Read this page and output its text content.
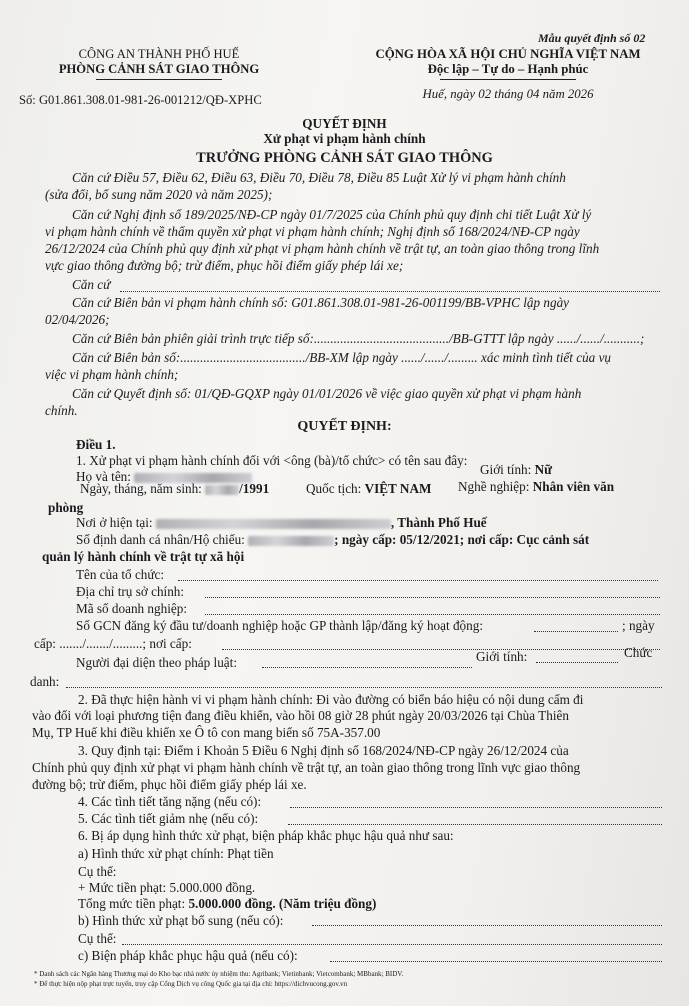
Mẫu quyết định số 02
CÔNG AN THÀNH PHỐ HUẾ
PHÒNG CẢNH SÁT GIAO THÔNG
Số: G01.861.308.01-981-26-001212/QĐ-XPHC
CỘNG HÒA XÃ HỘI CHỦ NGHĨA VIỆT NAM
Độc lập – Tự do – Hạnh phúc
Huế, ngày 02 tháng 04 năm 2026
QUYẾT ĐỊNH
Xử phạt vi phạm hành chính
TRƯỞNG PHÒNG CẢNH SÁT GIAO THÔNG
Căn cứ Điều 57, Điều 62, Điều 63, Điều 70, Điều 78, Điều 85 Luật Xử lý vi phạm hành chính
(sửa đổi, bổ sung năm 2020 và năm 2025);
Căn cứ Nghị định số 189/2025/NĐ-CP ngày 01/7/2025 của Chính phủ quy định chi tiết Luật Xử lý
vi phạm hành chính về thẩm quyền xử phạt vi phạm hành chính; Nghị định số 168/2024/NĐ-CP ngày
26/12/2024 của Chính phủ quy định xử phạt vi phạm hành chính về trật tự, an toàn giao thông trong lĩnh
vực giao thông đường bộ; trừ điểm, phục hồi điểm giấy phép lái xe;
Căn cứ
Căn cứ Biên bản vi phạm hành chính số: G01.861.308.01-981-26-001199/BB-VPHC lập ngày
02/04/2026;
Căn cứ Biên bản phiên giải trình trực tiếp số:........................................./BB-GTTT lập ngày ....../....../...........;
Căn cứ Biên bản số:....................................../BB-XM lập ngày ....../....../......... xác minh tình tiết của vụ
việc vi phạm hành chính;
Căn cứ Quyết định số: 01/QĐ-GQXP ngày 01/01/2026 về việc giao quyền xử phạt vi phạm hành
chính.
QUYẾT ĐỊNH:
Điều 1.
1. Xử phạt vi phạm hành chính đối với <ông (bà)/tổ chức> có tên sau đây:
Họ và tên:	Giới tính: Nữ
Ngày, tháng, năm sinh:	/1991	Quốc tịch: VIỆT NAM Nghề nghiệp: Nhân viên văn
phòng
Nơi ở hiện tại:	, Thành Phố Huế
Số định danh cá nhân/Hộ chiếu:	; ngày cấp: 05/12/2021; nơi cấp: Cục cảnh sát
quản lý hành chính về trật tự xã hội
Tên của tổ chức:
Địa chỉ trụ sở chính:
Mã số doanh nghiệp:
Số GCN đăng ký đầu tư/doanh nghiệp hoặc GP thành lập/đăng ký hoạt động:	; ngày
cấp: ......./......./.........; nơi cấp:
Người đại diện theo pháp luật:	Giới tính:	Chức
danh:
2. Đã thực hiện hành vi vi phạm hành chính: Đi vào đường có biển báo hiệu có nội dung cấm đi
vào đối với loại phương tiện đang điều khiển, vào hồi 08 giờ 28 phút ngày 20/03/2026 tại Chùa Thiên
Mụ, TP Huế khi điều khiển xe Ô tô con mang biển số 75A-357.00
3. Quy định tại: Điểm i Khoản 5 Điều 6 Nghị định số 168/2024/NĐ-CP ngày 26/12/2024 của
Chính phủ quy định xử phạt vi phạm hành chính về trật tự, an toàn giao thông trong lĩnh vực giao thông
đường bộ; trừ điểm, phục hồi điểm giấy phép lái xe.
4. Các tình tiết tăng nặng (nếu có):
5. Các tình tiết giảm nhẹ (nếu có):
6. Bị áp dụng hình thức xử phạt, biện pháp khắc phục hậu quả như sau:
a) Hình thức xử phạt chính: Phạt tiền
Cụ thể:
+ Mức tiền phạt: 5.000.000 đồng.
Tổng mức tiền phạt: 5.000.000 đồng. (Năm triệu đồng)
b) Hình thức xử phạt bổ sung (nếu có):
Cụ thể:
c) Biện pháp khắc phục hậu quả (nếu có):
* Danh sách các Ngân hàng Thương mại do Kho bạc nhà nước ủy nhiệm thu: Agribank; Vietinbank; Vietcombank; MBbank; BIDV.
* Để thực hiện nộp phạt trực tuyến, truy cập Cổng Dịch vụ công Quốc gia tại địa chỉ: https://dichvucong.gov.vn
